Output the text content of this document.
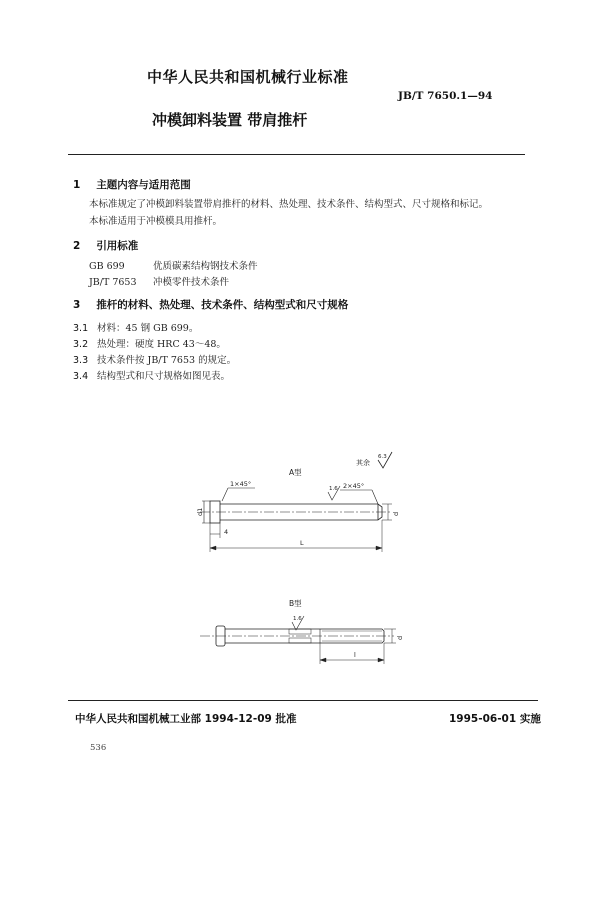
中华人民共和国机械行业标准
JB/T 7650.1—94
冲模卸料装置 带肩推杆
1 主题内容与适用范围
本标准规定了冲模卸料装置带肩推杆的材料、热处理、技术条件、结构型式、尺寸规格和标记。
本标准适用于冲模模具用推杆。
2 引用标准
GB 699	优质碳素结构钢技术条件
JB/T 7653 冲模零件技术条件
3 推杆的材料、热处理、技术条件、结构型式和尺寸规格
3.1 材料：45 钢 GB 699。
3.2 热处理：硬度 HRC 43～48。
3.3 技术条件按 JB/T 7653 的规定。
3.4 结构型式和尺寸规格如图见表。
其余
6.3
A型
1×45°	2×45°
1.6
d1	d
4
L
B型
1.6
d
l
中华人民共和国机械工业部 1994-12-09 批准	1995-06-01 实施
536
